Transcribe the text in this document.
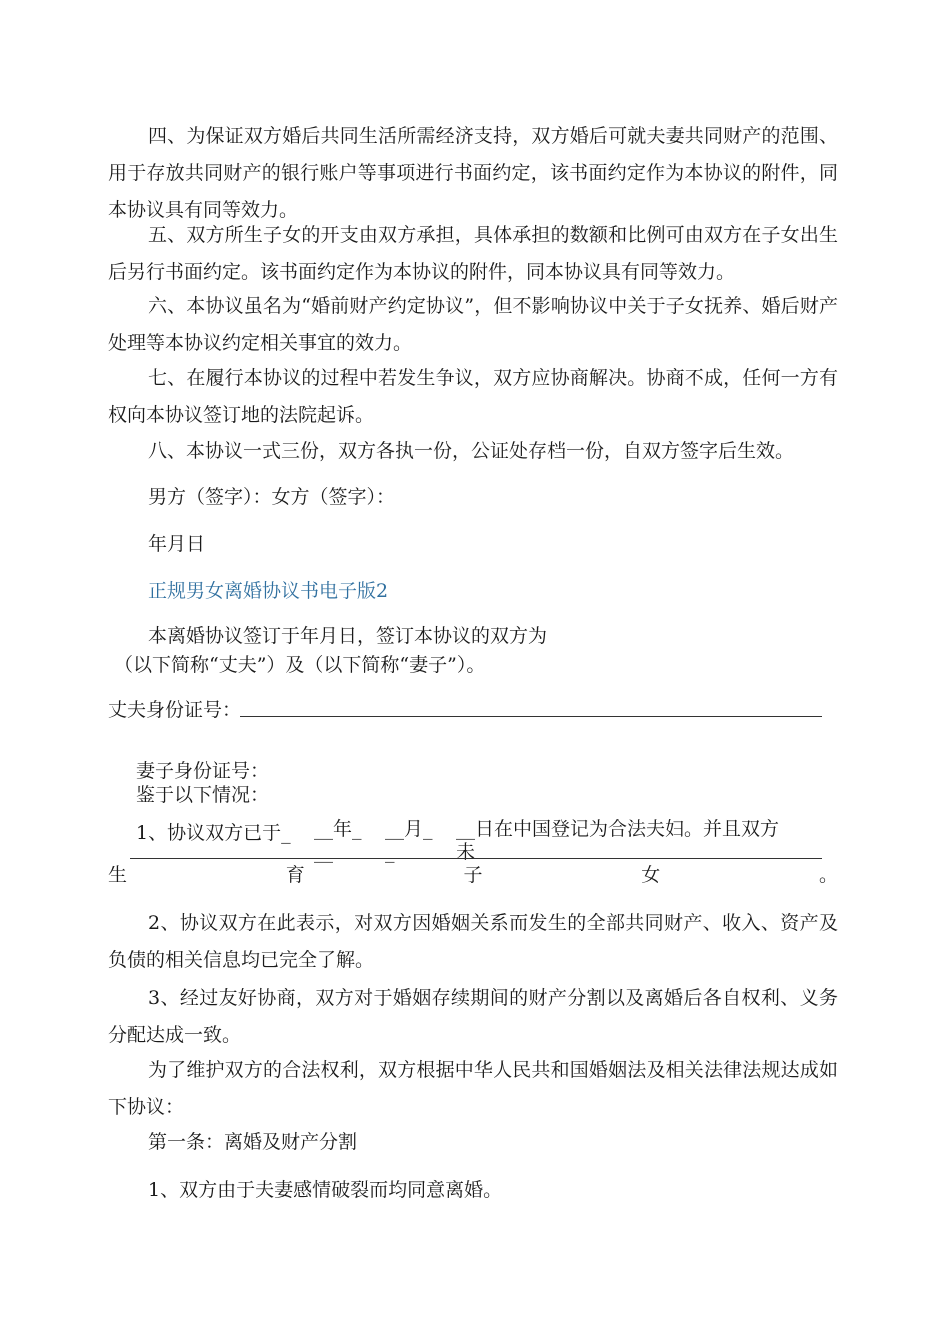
四、为保证双方婚后共同生活所需经济支持，双方婚后可就夫妻共同财产的范围、用于存放共同财产的银行账户等事项进行书面约定，该书面约定作为本协议的附件，同本协议具有同等效力。

五、双方所生子女的开支由双方承担，具体承担的数额和比例可由双方在子女出生后另行书面约定。该书面约定作为本协议的附件，同本协议具有同等效力。

六、本协议虽名为“婚前财产约定协议”，但不影响协议中关于子女抚养、婚后财产处理等本协议约定相关事宜的效力。

七、在履行本协议的过程中若发生争议，双方应协商解决。协商不成，任何一方有权向本协议签订地的法院起诉。

八、本协议一式三份，双方各执一份，公证处存档一份，自双方签字后生效。

男方（签字）：女方（签字）：

年月日

正规男女离婚协议书电子版2

本离婚协议签订于年月日，签订本协议的双方为

（以下简称“丈夫”）及（以下简称“妻子”）。

丈夫身份证号：

妻子身份证号：

鉴于以下情况：

1、协议双方已于_ __年_ __月_ __日在中国登记为合法夫妇。并且双方

__	_	未

生	育	子	女	。

2、协议双方在此表示，对双方因婚姻关系而发生的全部共同财产、收入、资产及负债的相关信息均已完全了解。

3、经过友好协商，双方对于婚姻存续期间的财产分割以及离婚后各自权利、义务分配达成一致。

为了维护双方的合法权利，双方根据中华人民共和国婚姻法及相关法律法规达成如下协议：

第一条：离婚及财产分割

1、双方由于夫妻感情破裂而均同意离婚。
